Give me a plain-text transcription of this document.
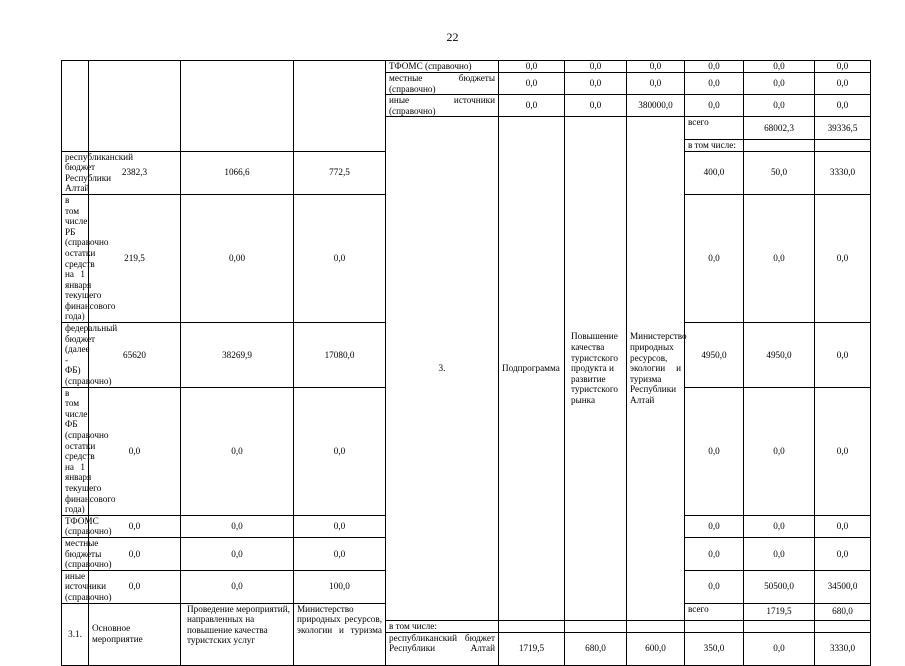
22
				ТФОМС (справочно)	0,0	0,0	0,0	0,0	0,0	0,0	
				местные бюджеты (справочно)	0,0	0,0	0,0	0,0	0,0	0,0	
				иные источники (справочно)	0,0	0,0	380000,0	0,0	0,0	0,0	
				3.	Подпрограмма	Повышение качества туристского продукта и развитие туристского рынка	Министерство природных ресурсов, экологии и туризма Республики Алтай	всего	68002,3	39336,5				
								в том числе:						
республиканский бюджет Республики Алтай	2382,3	1066,6	772,5					400,0	50,0	3330,0	
в том числе РБ (справочно остатки средств на 1 января текущего финансового года)	219,5	0,00	0,0					0,0	0,0	0,0	
федеральный бюджет (далее - ФБ) (справочно)	65620	38269,9	17080,0					4950,0	4950,0	0,0	
в том числе ФБ (справочно остатки средств на 1 января текущего финансового года)	0,0	0,0	0,0					0,0	0,0	0,0	
ТФОМС (справочно)	0,0	0,0	0,0					0,0	0,0	0,0	
местные бюджеты (справочно)	0,0	0,0	0,0					0,0	0,0	0,0	
иные источники (справочно)	0,0	0,0	100,0					0,0	50500,0	34500,0	
3.1.	Основное мероприятие	Проведение мероприятий, направленных на повышение качества туристских услуг	Министерство природных ресурсов, экологии и туризма					всего	1719,5	680,0				
				в том числе:							
				республиканский бюджет Республики Алтай	1719,5	680,0	600,0	350,0	0,0	3330,0	
